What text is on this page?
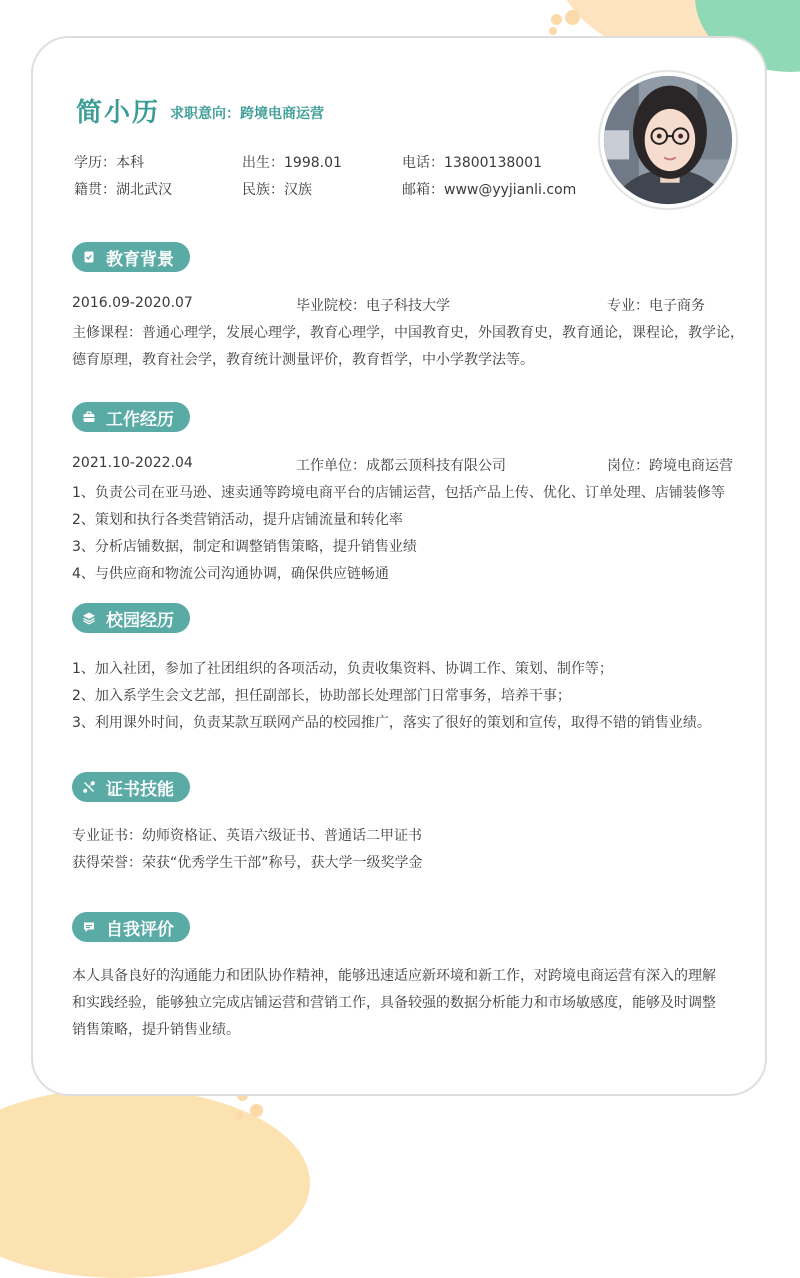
简小历 求职意向：跨境电商运营
学历：本科	出生：1998.01	电话：13800138001
籍贯：湖北武汉	民族：汉族	邮箱：www@yyjianli.com
教育背景
2016.09-2020.07	毕业院校：电子科技大学	专业：电子商务
主修课程：普通心理学，发展心理学，教育心理学，中国教育史，外国教育史，教育通论，课程论，教学论，
德育原理，教育社会学，教育统计测量评价，教育哲学，中小学教学法等。
工作经历
2021.10-2022.04	工作单位：成都云顶科技有限公司	岗位：跨境电商运营
1、负责公司在亚马逊、速卖通等跨境电商平台的店铺运营，包括产品上传、优化、订单处理、店铺装修等
2、策划和执行各类营销活动，提升店铺流量和转化率
3、分析店铺数据，制定和调整销售策略，提升销售业绩
4、与供应商和物流公司沟通协调，确保供应链畅通
校园经历
1、加入社团，参加了社团组织的各项活动，负责收集资料、协调工作、策划、制作等；
2、加入系学生会文艺部，担任副部长，协助部长处理部门日常事务，培养干事；
3、利用课外时间，负责某款互联网产品的校园推广，落实了很好的策划和宣传，取得不错的销售业绩。
证书技能
专业证书：幼师资格证、英语六级证书、普通话二甲证书
获得荣誉：荣获“优秀学生干部”称号，获大学一级奖学金
自我评价
本人具备良好的沟通能力和团队协作精神，能够迅速适应新环境和新工作，对跨境电商运营有深入的理解
和实践经验，能够独立完成店铺运营和营销工作，具备较强的数据分析能力和市场敏感度，能够及时调整
销售策略，提升销售业绩。
